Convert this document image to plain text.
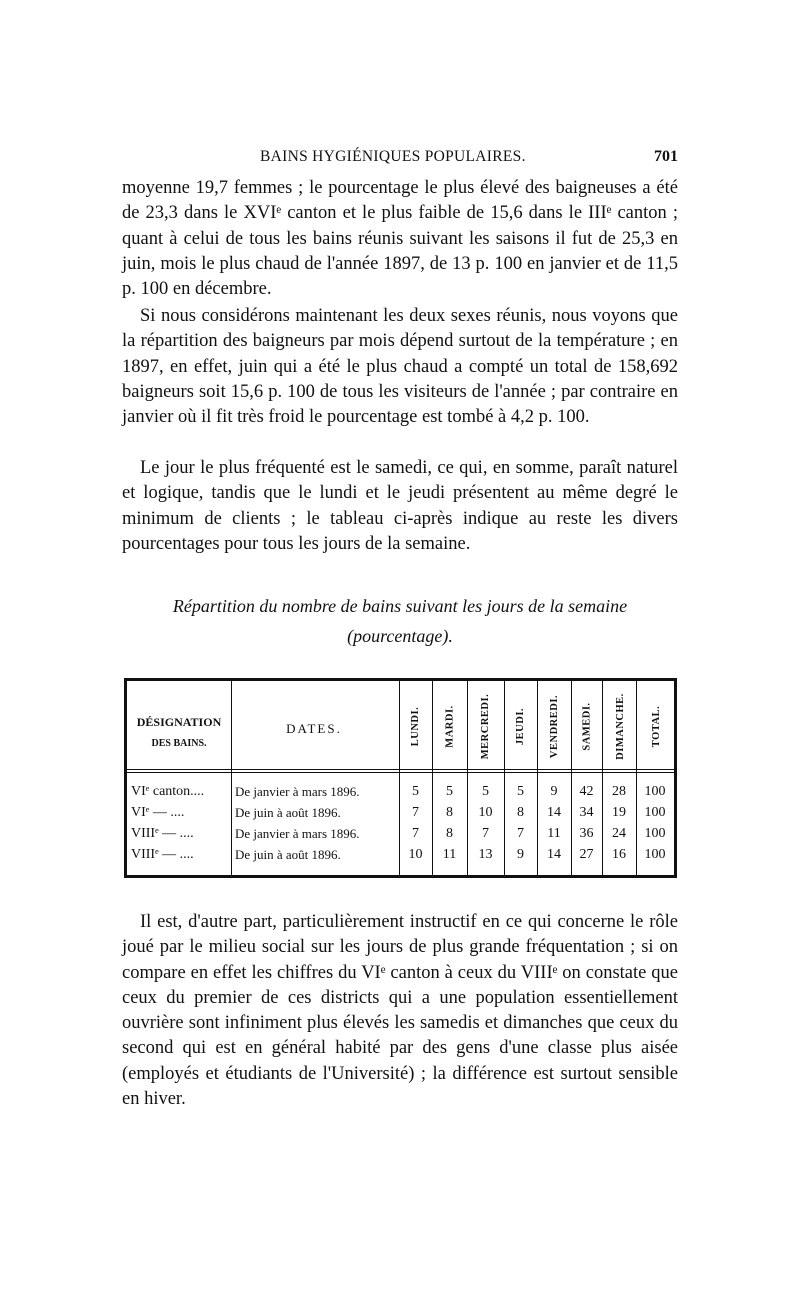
BAINS HYGIÉNIQUES POPULAIRES.	701

moyenne 19,7 femmes ; le pourcentage le plus élevé des baigneuses a été de 23,3 dans le XVIᵉ canton et le plus faible de 15,6 dans le IIIᵉ canton ; quant à celui de tous les bains réunis suivant les saisons il fut de 25,3 en juin, mois le plus chaud de l'année 1897, de 13 p. 100 en janvier et de 11,5 p. 100 en décembre.

Si nous considérons maintenant les deux sexes réunis, nous voyons que la répartition des baigneurs par mois dépend surtout de la température ; en 1897, en effet, juin qui a été le plus chaud a compté un total de 158,692 baigneurs soit 15,6 p. 100 de tous les visiteurs de l'année ; par contraire en janvier où il fit très froid le pourcentage est tombé à 4,2 p. 100.

Le jour le plus fréquenté est le samedi, ce qui, en somme, paraît naturel et logique, tandis que le lundi et le jeudi présentent au même degré le minimum de clients ; le tableau ci-après indique au reste les divers pourcentages pour tous les jours de la semaine.

Répartition du nombre de bains suivant les jours de la semaine
(pourcentage).
DÉSIGNATION
DES BAINS.
DATES.	LUNDI. MARDI. MERCREDI. JEUDI. VENDREDI. SAMEDI. DIMANCHE. TOTAL.
VIᵉ canton....	De janvier à mars 1896.	5	5	5	5	9	42	28	100
VIᵉ — ....	De juin à août 1896.	7	8	10	8	14	34	19	100
VIIIᵉ — ....	De janvier à mars 1896.	7	8	7	7	11	36	24	100
VIIIᵉ — ....	De juin à août 1896.	10	11	13	9	14	27	16	100

Il est, d'autre part, particulièrement instructif en ce qui concerne le rôle joué par le milieu social sur les jours de plus grande fréquentation ; si on compare en effet les chiffres du VIᵉ canton à ceux du VIIIᵉ on constate que ceux du premier de ces districts qui a une population essentiellement ouvrière sont infiniment plus élevés les samedis et dimanches que ceux du second qui est en général habité par des gens d'une classe plus aisée (employés et étudiants de l'Université) ; la différence est surtout sensible en hiver.
